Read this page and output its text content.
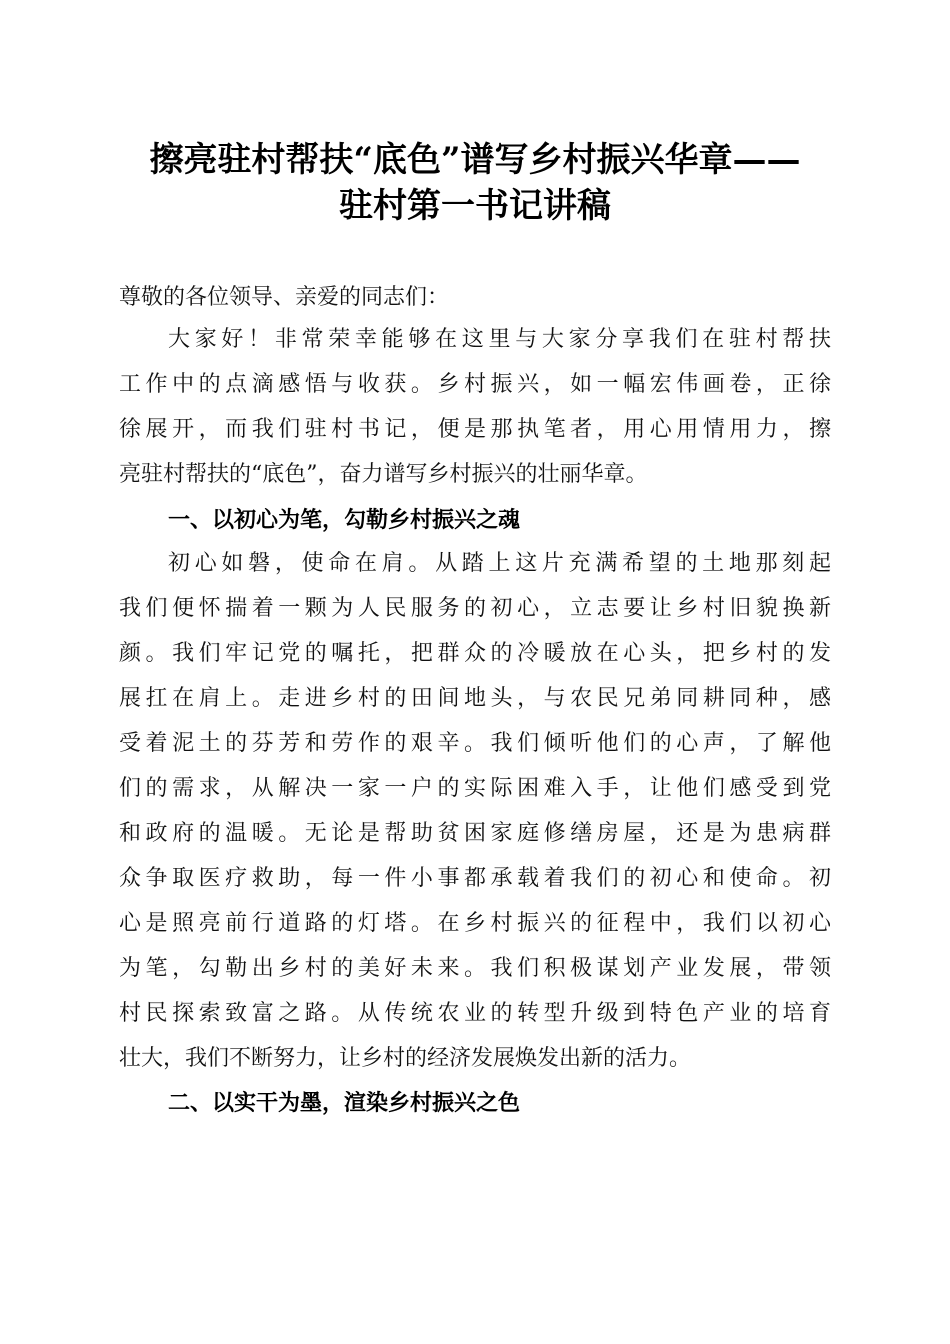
擦亮驻村帮扶“底色”谱写乡村振兴华章——
驻村第一书记讲稿
尊敬的各位领导、亲爱的同志们：
大家好！非常荣幸能够在这里与大家分享我们在驻村帮扶
工作中的点滴感悟与收获。乡村振兴，如一幅宏伟画卷，正徐
徐展开，而我们驻村书记，便是那执笔者，用心用情用力，擦
亮驻村帮扶的“底色”，奋力谱写乡村振兴的壮丽华章。
一、以初心为笔，勾勒乡村振兴之魂
初心如磐，使命在肩。从踏上这片充满希望的土地那刻起
我们便怀揣着一颗为人民服务的初心，立志要让乡村旧貌换新
颜。我们牢记党的嘱托，把群众的冷暖放在心头，把乡村的发
展扛在肩上。走进乡村的田间地头，与农民兄弟同耕同种，感
受着泥土的芬芳和劳作的艰辛。我们倾听他们的心声，了解他
们的需求，从解决一家一户的实际困难入手，让他们感受到党
和政府的温暖。无论是帮助贫困家庭修缮房屋，还是为患病群
众争取医疗救助，每一件小事都承载着我们的初心和使命。初
心是照亮前行道路的灯塔。在乡村振兴的征程中，我们以初心
为笔，勾勒出乡村的美好未来。我们积极谋划产业发展，带领
村民探索致富之路。从传统农业的转型升级到特色产业的培育
壮大，我们不断努力，让乡村的经济发展焕发出新的活力。
二、以实干为墨，渲染乡村振兴之色
